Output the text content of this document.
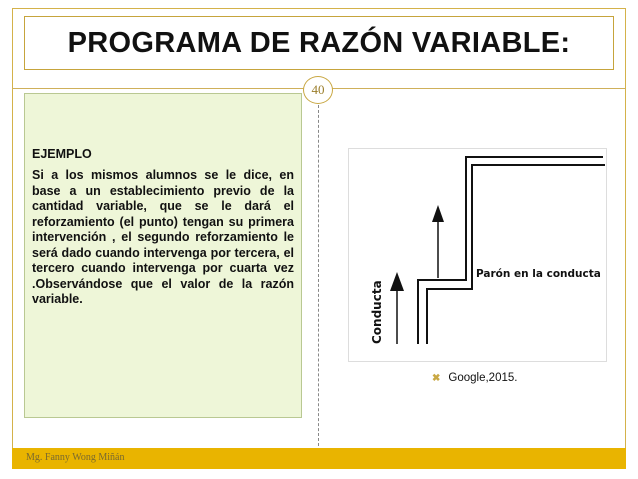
PROGRAMA DE RAZÓN VARIABLE:
40
EJEMPLO
Si a los mismos alumnos se le dice, en base a un establecimiento previo de la cantidad variable, que se le dará el reforzamiento (el punto) tengan su primera intervención , el segundo reforzamiento le será dado cuando intervenga por tercera, el tercero cuando intervenga por cuarta vez .Observándose que el valor de la razón variable.	Conducta
Parón en la conducta
✖ Google,2015.
Mg. Fanny Wong Miñán
